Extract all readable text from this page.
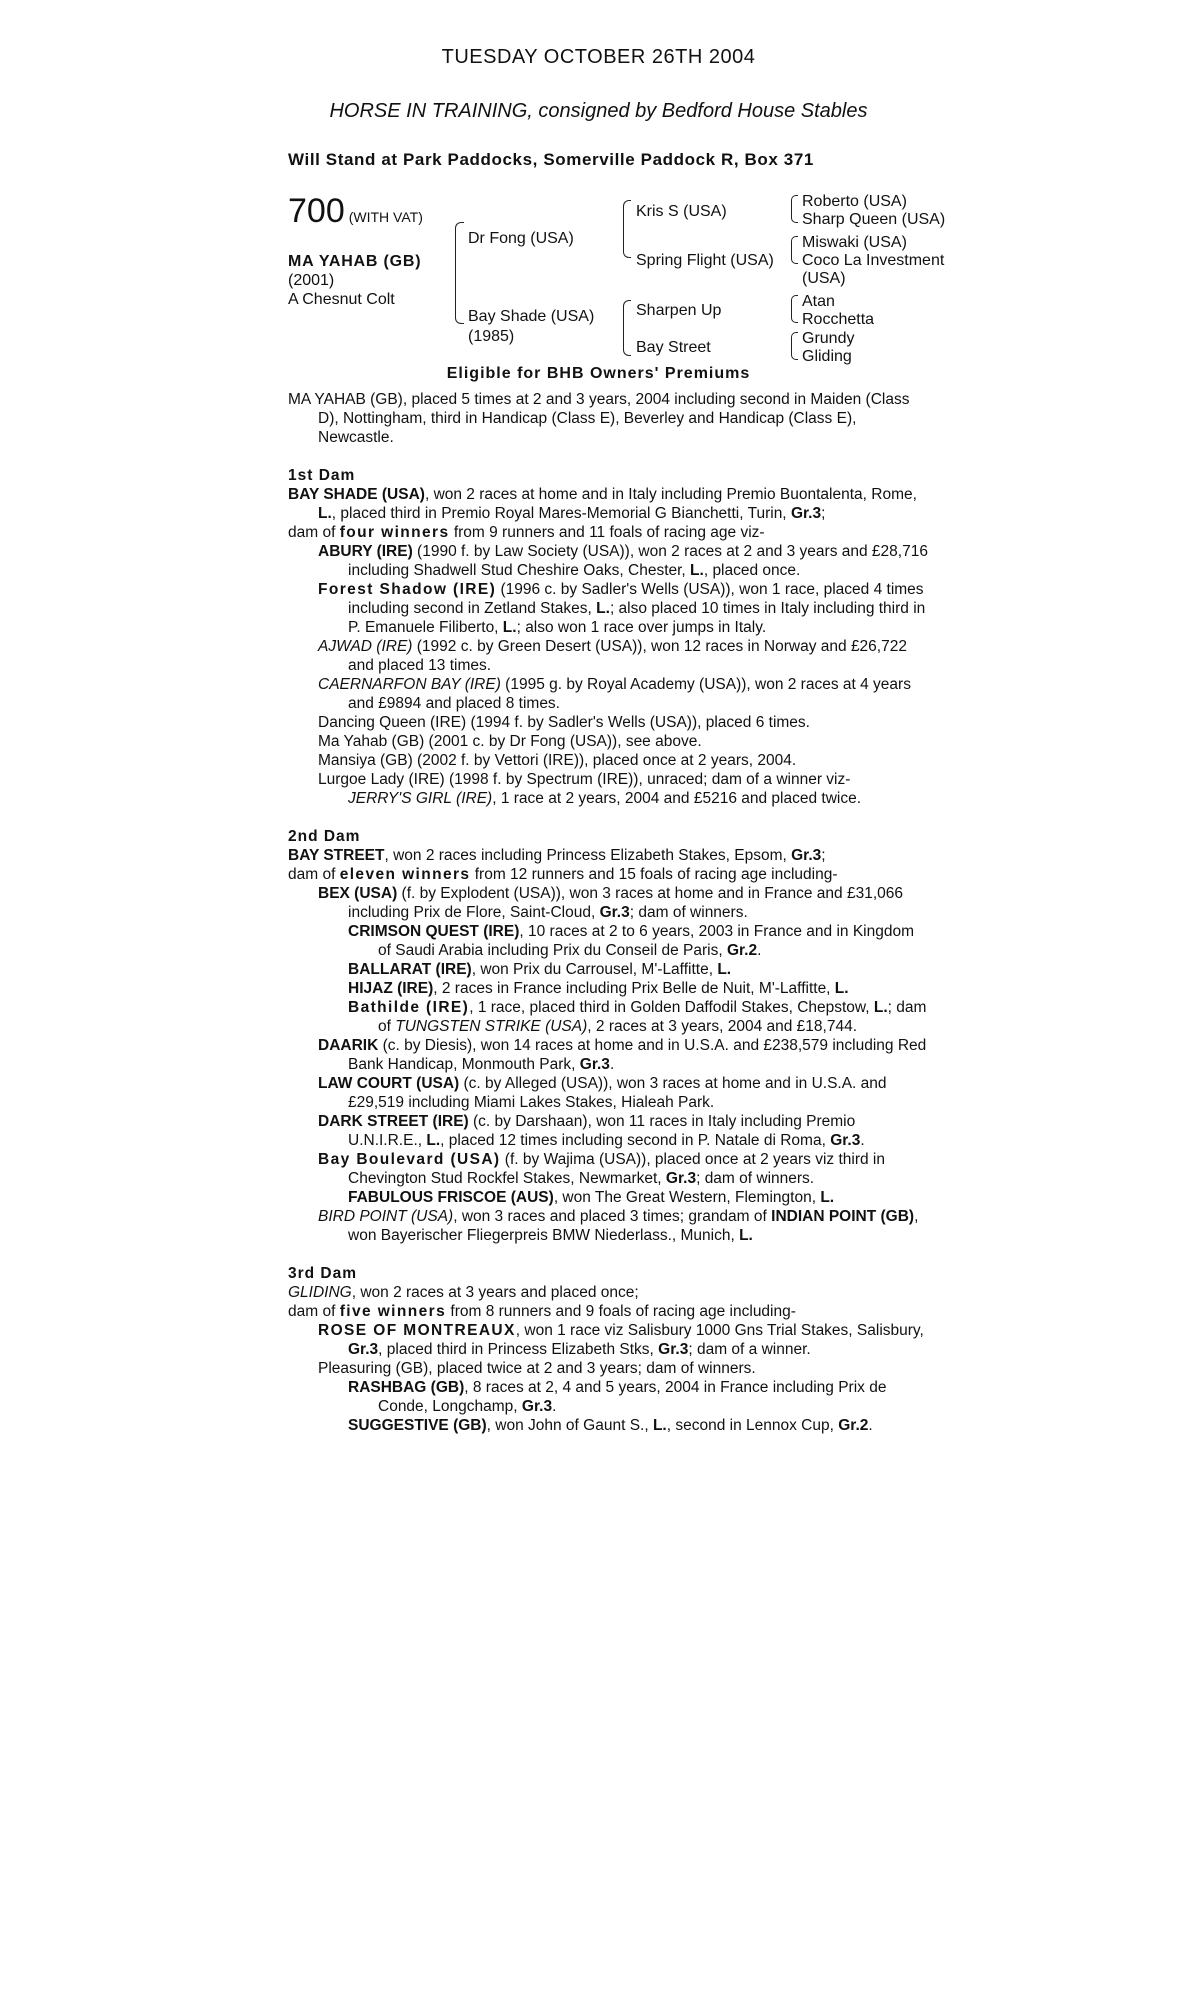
TUESDAY OCTOBER 26TH 2004
HORSE IN TRAINING, consigned by Bedford House Stables
Will Stand at Park Paddocks, Somerville Paddock R, Box 371
700 (WITH VAT)
MA YAHAB (GB)
(2001)
A Chesnut Colt
Dr Fong (USA)
Bay Shade (USA)
(1985)
Kris S (USA)
Spring Flight (USA)
Sharpen Up
Bay Street
Roberto (USA)
Sharp Queen (USA)
Miswaki (USA)
Coco La Investment
(USA)
Atan
Rocchetta
Grundy
Gliding
Eligible for BHB Owners' Premiums

MA YAHAB (GB), placed 5 times at 2 and 3 years, 2004 including second in Maiden (Class D), Nottingham, third in Handicap (Class E), Beverley and Handicap (Class E), Newcastle.

1st Dam

BAY SHADE (USA), won 2 races at home and in Italy including Premio Buontalenta, Rome, L., placed third in Premio Royal Mares-Memorial G Bianchetti, Turin, Gr.3;

dam of four winners from 9 runners and 11 foals of racing age viz-

ABURY (IRE) (1990 f. by Law Society (USA)), won 2 races at 2 and 3 years and £28,716 including Shadwell Stud Cheshire Oaks, Chester, L., placed once.

Forest Shadow (IRE) (1996 c. by Sadler's Wells (USA)), won 1 race, placed 4 times including second in Zetland Stakes, L.; also placed 10 times in Italy including third in P. Emanuele Filiberto, L.; also won 1 race over jumps in Italy.

AJWAD (IRE) (1992 c. by Green Desert (USA)), won 12 races in Norway and £26,722 and placed 13 times.

CAERNARFON BAY (IRE) (1995 g. by Royal Academy (USA)), won 2 races at 4 years and £9894 and placed 8 times.

Dancing Queen (IRE) (1994 f. by Sadler's Wells (USA)), placed 6 times.

Ma Yahab (GB) (2001 c. by Dr Fong (USA)), see above.

Mansiya (GB) (2002 f. by Vettori (IRE)), placed once at 2 years, 2004.

Lurgoe Lady (IRE) (1998 f. by Spectrum (IRE)), unraced; dam of a winner viz-

JERRY'S GIRL (IRE), 1 race at 2 years, 2004 and £5216 and placed twice.

2nd Dam

BAY STREET, won 2 races including Princess Elizabeth Stakes, Epsom, Gr.3;

dam of eleven winners from 12 runners and 15 foals of racing age including-

BEX (USA) (f. by Explodent (USA)), won 3 races at home and in France and £31,066 including Prix de Flore, Saint-Cloud, Gr.3; dam of winners.

CRIMSON QUEST (IRE), 10 races at 2 to 6 years, 2003 in France and in Kingdom of Saudi Arabia including Prix du Conseil de Paris, Gr.2.

BALLARAT (IRE), won Prix du Carrousel, M'-Laffitte, L.

HIJAZ (IRE), 2 races in France including Prix Belle de Nuit, M'-Laffitte, L.

Bathilde (IRE), 1 race, placed third in Golden Daffodil Stakes, Chepstow, L.; dam of TUNGSTEN STRIKE (USA), 2 races at 3 years, 2004 and £18,744.

DAARIK (c. by Diesis), won 14 races at home and in U.S.A. and £238,579 including Red Bank Handicap, Monmouth Park, Gr.3.

LAW COURT (USA) (c. by Alleged (USA)), won 3 races at home and in U.S.A. and £29,519 including Miami Lakes Stakes, Hialeah Park.

DARK STREET (IRE) (c. by Darshaan), won 11 races in Italy including Premio U.N.I.R.E., L., placed 12 times including second in P. Natale di Roma, Gr.3.

Bay Boulevard (USA) (f. by Wajima (USA)), placed once at 2 years viz third in Chevington Stud Rockfel Stakes, Newmarket, Gr.3; dam of winners.

FABULOUS FRISCOE (AUS), won The Great Western, Flemington, L.

BIRD POINT (USA), won 3 races and placed 3 times; grandam of INDIAN POINT (GB), won Bayerischer Fliegerpreis BMW Niederlass., Munich, L.

3rd Dam

GLIDING, won 2 races at 3 years and placed once;

dam of five winners from 8 runners and 9 foals of racing age including-

ROSE OF MONTREAUX, won 1 race viz Salisbury 1000 Gns Trial Stakes, Salisbury, Gr.3, placed third in Princess Elizabeth Stks, Gr.3; dam of a winner.

Pleasuring (GB), placed twice at 2 and 3 years; dam of winners.

RASHBAG (GB), 8 races at 2, 4 and 5 years, 2004 in France including Prix de Conde, Longchamp, Gr.3.

SUGGESTIVE (GB), won John of Gaunt S., L., second in Lennox Cup, Gr.2.
